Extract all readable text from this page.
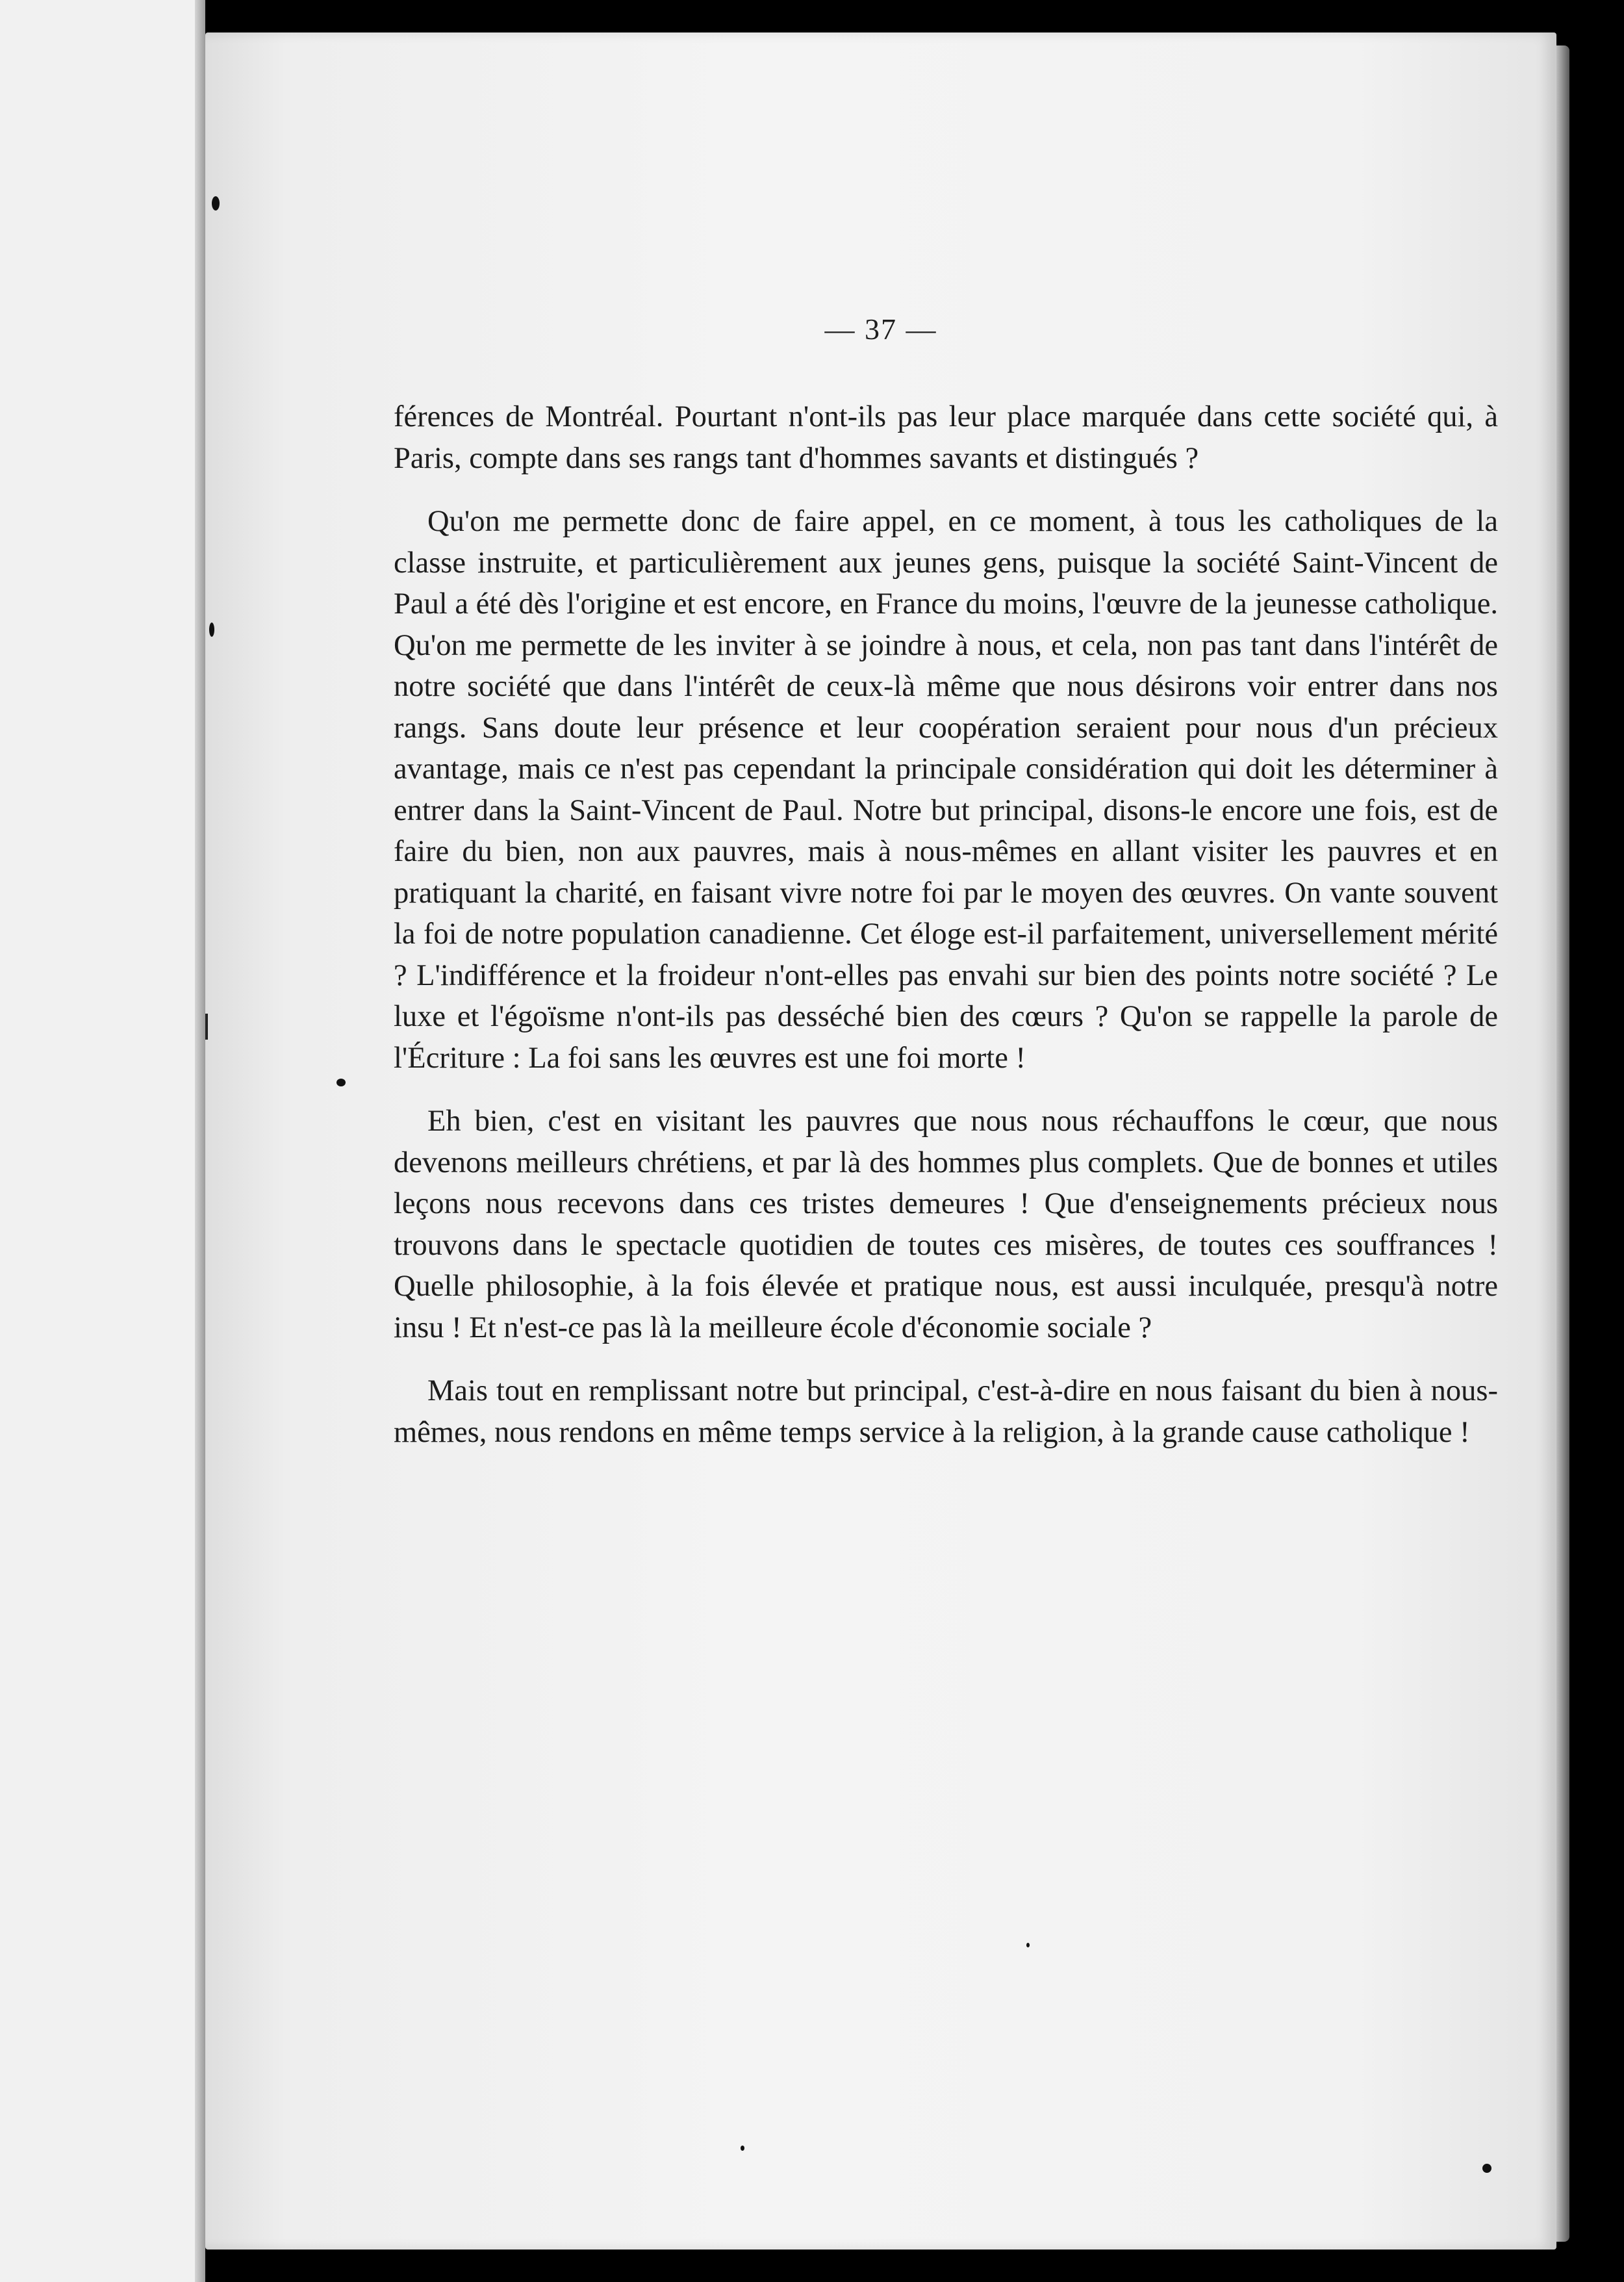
— 37 —

férences de Montréal. Pourtant n'ont-ils pas leur place marquée dans cette société qui, à Paris, compte dans ses rangs tant d'hommes savants et distingués ?

Qu'on me permette donc de faire appel, en ce moment, à tous les catholiques de la classe instruite, et particulièrement aux jeunes gens, puisque la société Saint-Vincent de Paul a été dès l'origine et est encore, en France du moins, l'œuvre de la jeunesse catholique. Qu'on me permette de les inviter à se joindre à nous, et cela, non pas tant dans l'intérêt de notre société que dans l'intérêt de ceux-là même que nous désirons voir entrer dans nos rangs. Sans doute leur présence et leur coopération seraient pour nous d'un précieux avantage, mais ce n'est pas cependant la principale considération qui doit les déterminer à entrer dans la Saint-Vincent de Paul. Notre but principal, disons-le encore une fois, est de faire du bien, non aux pauvres, mais à nous-mêmes en allant visiter les pauvres et en pratiquant la charité, en faisant vivre notre foi par le moyen des œuvres. On vante souvent la foi de notre population canadienne. Cet éloge est-il parfaitement, universellement mérité ? L'indifférence et la froideur n'ont-elles pas envahi sur bien des points notre société ? Le luxe et l'égoïsme n'ont-ils pas desséché bien des cœurs ? Qu'on se rappelle la parole de l'Écriture : La foi sans les œuvres est une foi morte !

Eh bien, c'est en visitant les pauvres que nous nous réchauffons le cœur, que nous devenons meilleurs chrétiens, et par là des hommes plus complets. Que de bonnes et utiles leçons nous recevons dans ces tristes demeures ! Que d'enseignements précieux nous trouvons dans le spectacle quotidien de toutes ces misères, de toutes ces souffrances ! Quelle philosophie, à la fois élevée et pratique nous, est aussi inculquée, presqu'à notre insu ! Et n'est-ce pas là la meilleure école d'économie sociale ?

Mais tout en remplissant notre but principal, c'est-à-dire en nous faisant du bien à nous-mêmes, nous rendons en même temps service à la religion, à la grande cause catholique !
